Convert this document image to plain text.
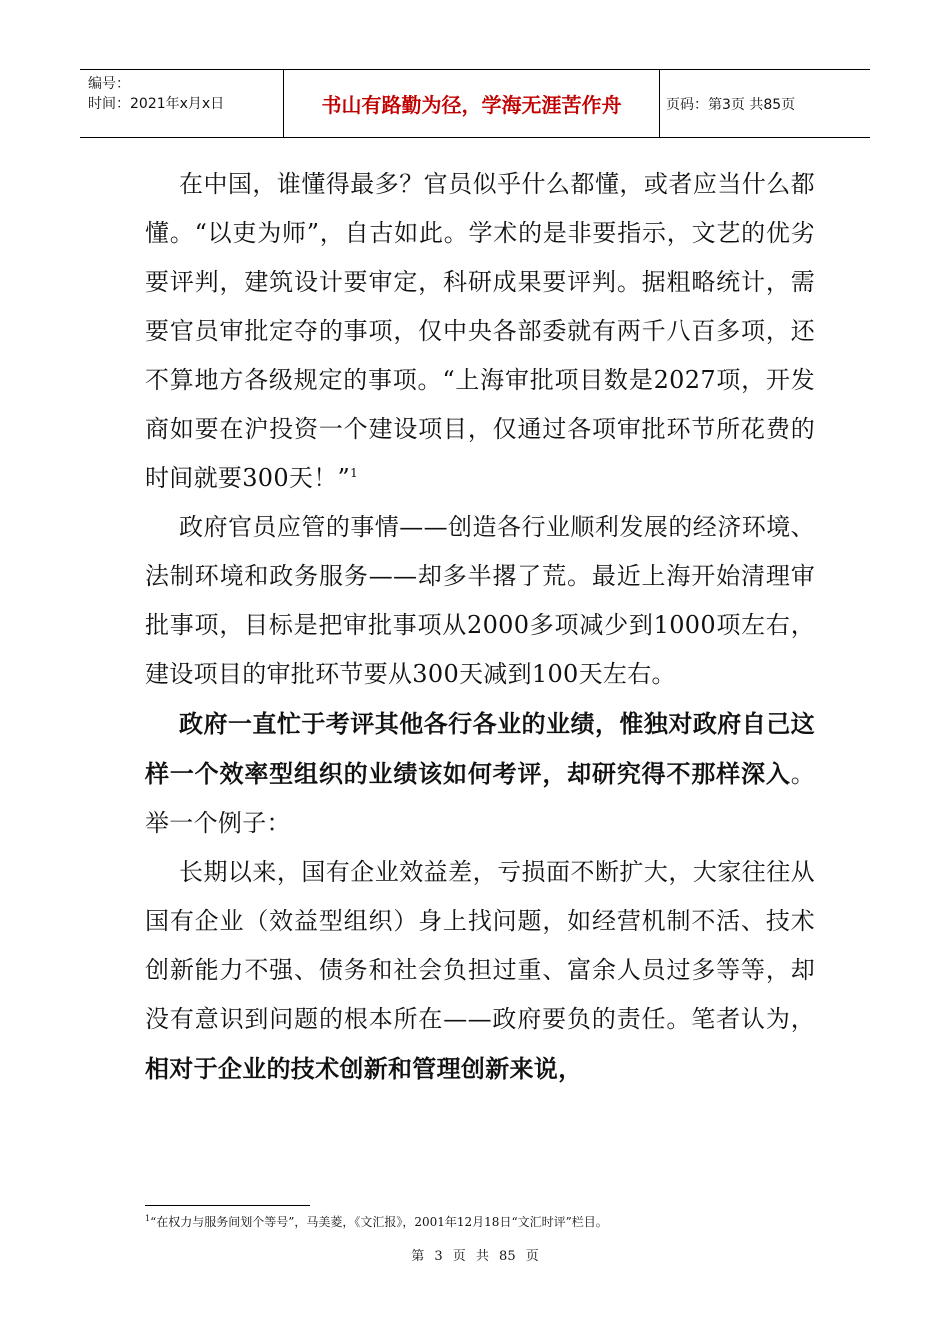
编号：
时间：2021年x月x日	书山有路勤为径，学海无涯苦作舟	页码：第3页 共85页

在中国，谁懂得最多？官员似乎什么都懂，或者应当什么都懂。“以吏为师”，自古如此。学术的是非要指示，文艺的优劣要评判，建筑设计要审定，科研成果要评判。据粗略统计，需要官员审批定夺的事项，仅中央各部委就有两千八百多项，还不算地方各级规定的事项。“上海审批项目数是2027项，开发商如要在沪投资一个建设项目，仅通过各项审批环节所花费的时间就要300天！”$^1$

政府官员应管的事情——创造各行业顺利发展的经济环境、法制环境和政务服务——却多半撂了荒。最近上海开始清理审批事项，目标是把审批事项从2000多项减少到1000项左右，建设项目的审批环节要从300天减到100天左右。

政府一直忙于考评其他各行各业的业绩，惟独对政府自己这样一个效率型组织的业绩该如何考评，却研究得不那样深入。举一个例子：

长期以来，国有企业效益差，亏损面不断扩大，大家往往从国有企业（效益型组织）身上找问题，如经营机制不活、技术创新能力不强、债务和社会负担过重、富余人员过多等等，却没有意识到问题的根本所在——政府要负的责任。笔者认为，相对于企业的技术创新和管理创新来说，

$^1$“在权力与服务间划个等号”，马美菱，《文汇报》，2001年12月18日“文汇时评”栏目。
第 3 页 共 85 页
